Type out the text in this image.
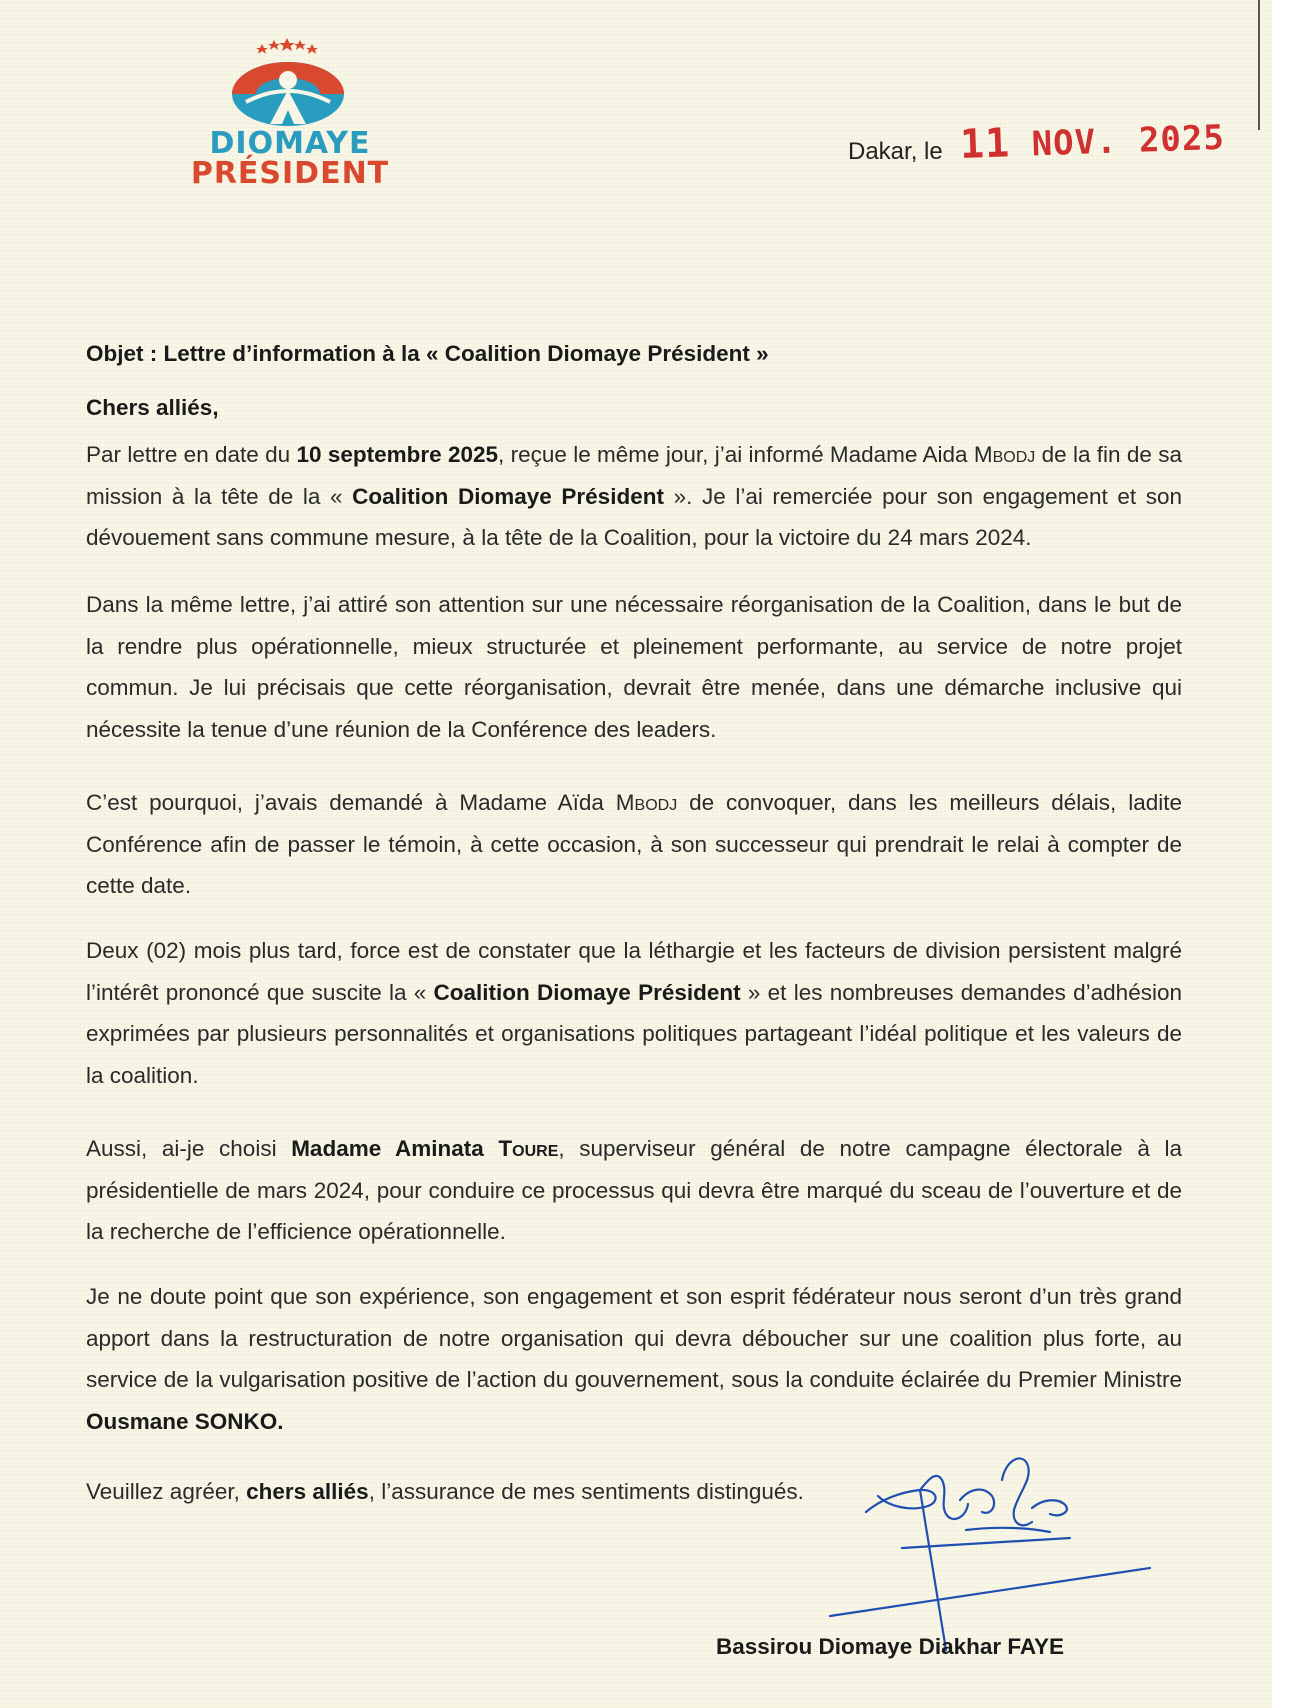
DIOMAYE
PRÉSIDENT
Dakar, le 11 NOV. 2025
Objet : Lettre d’information à la « Coalition Diomaye Président »
Chers alliés,
Par lettre en date du 10 septembre 2025, reçue le même jour, j’ai informé Madame Aida Mbodj de la fin de sa mission à la tête de la « Coalition Diomaye Président ». Je l’ai remerciée pour son engagement et son dévouement sans commune mesure, à la tête de la Coalition, pour la victoire du 24 mars 2024.
Dans la même lettre, j’ai attiré son attention sur une nécessaire réorganisation de la Coalition, dans le but de la rendre plus opérationnelle, mieux structurée et pleinement performante, au service de notre projet commun. Je lui précisais que cette réorganisation, devrait être menée, dans une démarche inclusive qui nécessite la tenue d’une réunion de la Conférence des leaders.
C’est pourquoi, j’avais demandé à Madame Aïda Mbodj de convoquer, dans les meilleurs délais, ladite Conférence afin de passer le témoin, à cette occasion, à son successeur qui prendrait le relai à compter de cette date.
Deux (02) mois plus tard, force est de constater que la léthargie et les facteurs de division persistent malgré l’intérêt prononcé que suscite la « Coalition Diomaye Président » et les nombreuses demandes d’adhésion exprimées par plusieurs personnalités et organisations politiques partageant l’idéal politique et les valeurs de la coalition.
Aussi, ai-je choisi Madame Aminata Toure, superviseur général de notre campagne électorale à la présidentielle de mars 2024, pour conduire ce processus qui devra être marqué du sceau de l’ouverture et de la recherche de l’efficience opérationnelle.
Je ne doute point que son expérience, son engagement et son esprit fédérateur nous seront d’un très grand apport dans la restructuration de notre organisation qui devra déboucher sur une coalition plus forte, au service de la vulgarisation positive de l’action du gouvernement, sous la conduite éclairée du Premier Ministre Ousmane SONKO.
Veuillez agréer, chers alliés, l’assurance de mes sentiments distingués.
Bassirou Diomaye Diakhar FAYE
